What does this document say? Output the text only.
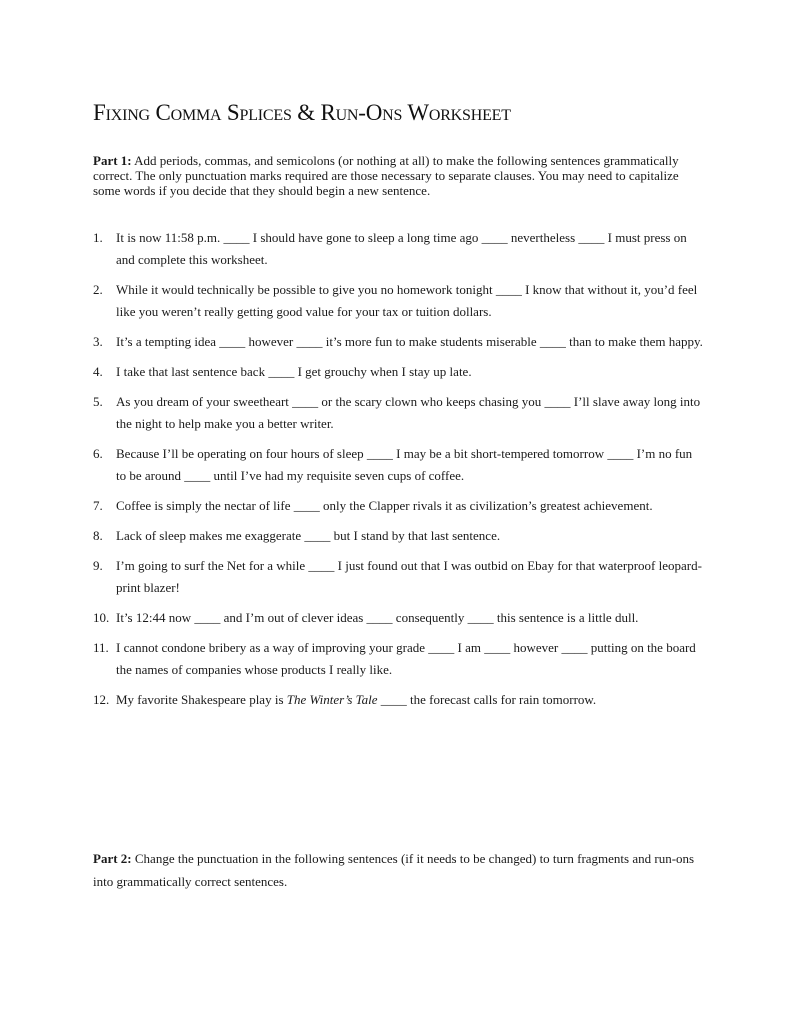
Fixing Comma Splices & Run-Ons Worksheet
Part 1: Add periods, commas, and semicolons (or nothing at all) to make the following sentences grammatically correct. The only punctuation marks required are those necessary to separate clauses. You may need to capitalize some words if you decide that they should begin a new sentence.
1. It is now 11:58 p.m. ____ I should have gone to sleep a long time ago ____ nevertheless ____ I must press on and complete this worksheet.
2. While it would technically be possible to give you no homework tonight ____ I know that without it, you’d feel like you weren’t really getting good value for your tax or tuition dollars.
3. It’s a tempting idea ____ however ____ it’s more fun to make students miserable ____ than to make them happy.
4. I take that last sentence back ____ I get grouchy when I stay up late.
5. As you dream of your sweetheart ____ or the scary clown who keeps chasing you ____ I’ll slave away long into the night to help make you a better writer.
6. Because I’ll be operating on four hours of sleep ____ I may be a bit short-tempered tomorrow ____ I’m no fun to be around ____ until I’ve had my requisite seven cups of coffee.
7. Coffee is simply the nectar of life ____ only the Clapper rivals it as civilization’s greatest achievement.
8. Lack of sleep makes me exaggerate ____ but I stand by that last sentence.
9. I’m going to surf the Net for a while ____ I just found out that I was outbid on Ebay for that waterproof leopard-print blazer!
10. It’s 12:44 now ____ and I’m out of clever ideas ____ consequently ____ this sentence is a little dull.
11. I cannot condone bribery as a way of improving your grade ____ I am ____ however ____ putting on the board the names of companies whose products I really like.
12. My favorite Shakespeare play is The Winter’s Tale ____ the forecast calls for rain tomorrow.
Part 2: Change the punctuation in the following sentences (if it needs to be changed) to turn fragments and run-ons into grammatically correct sentences.
